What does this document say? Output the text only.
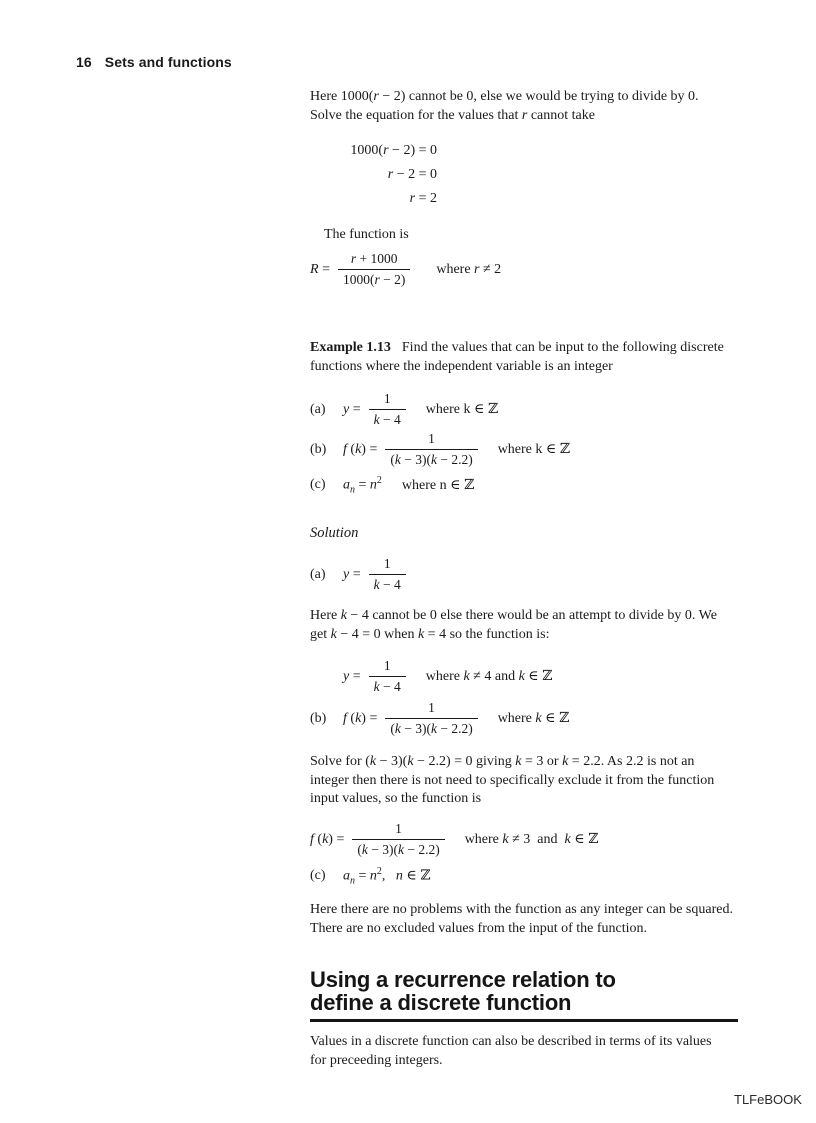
16 Sets and functions

Here 1000(r − 2) cannot be 0, else we would be trying to divide by 0.
Solve the equation for the values that r cannot take

1000(r − 2) = 0
r − 2 = 0
r = 2

The function is

$R = \frac{r + 1000}{1000(r - 2)}$ where r ≠ 2

Example 1.13 Find the values that can be input to the following discrete
functions where the independent variable is an integer

(a)	$y = \frac{1}{k - 4}$ where k ∈ ℤ
(b)	f $(k) = \frac{1}{(k - 3)(k - 2.2)}$ where k ∈ ℤ
(c)	$a_n = n^2$ where n ∈ ℤ

Solution

(a)	$y = \frac{1}{k - 4}$

Here k − 4 cannot be 0 else there would be an attempt to divide by 0. We
get k − 4 = 0 when k = 4 so the function is:

$y = \frac{1}{k - 4}$ where k ≠ 4 and k ∈ ℤ
(b)	f $(k) = \frac{1}{(k - 3)(k - 2.2)}$ where k ∈ ℤ

Solve for (k − 3)(k − 2.2) = 0 giving k = 3 or k = 2.2. As 2.2 is not an
integer then there is not need to specifically exclude it from the function
input values, so the function is

f $(k) = \frac{1}{(k - 3)(k - 2.2)}$ where k ≠ 3  and  k ∈ ℤ
(c)	$a_n = n^2$,   n ∈ ℤ

Here there are no problems with the function as any integer can be squared.
There are no excluded values from the input of the function.

Using a recurrence relation to
define a discrete function

Values in a discrete function can also be described in terms of its values
for preceeding integers.

TLFeBOOK
